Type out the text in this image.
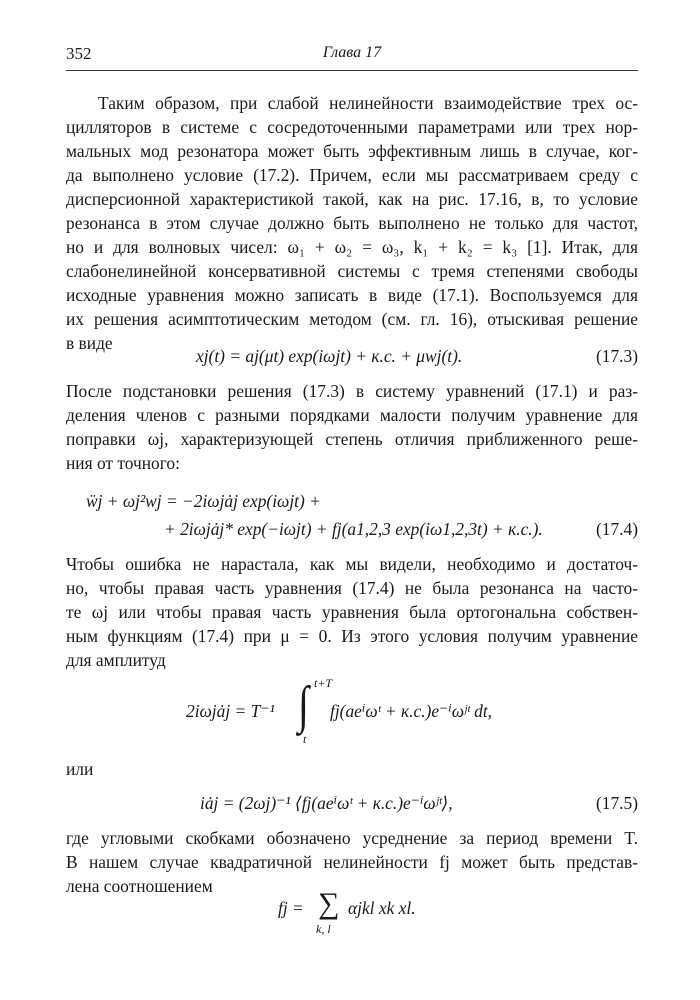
352	Глава 17
Таким образом, при слабой нелинейности взаимодействие трех ос-
цилляторов в системе с сосредоточенными параметрами или трех нор-
мальных мод резонатора может быть эффективным лишь в случае, ког-
да выполнено условие (17.2). Причем, если мы рассматриваем среду с
дисперсионной характеристикой такой, как на рис. 17.16, в, то условие
резонанса в этом случае должно быть выполнено не только для частот,
но и для волновых чисел: ω₁ + ω₂ = ω₃, k₁ + k₂ = k₃ [1]. Итак, для
слабонелинейной консервативной системы с тремя степенями свободы
исходные уравнения можно записать в виде (17.1). Воспользуемся для
их решения асимптотическим методом (см. гл. 16), отыскивая решение
в виде
xj(t) = aj(μt) exp(iωjt) + к.с. + μwj(t).	(17.3)
После подстановки решения (17.3) в систему уравнений (17.1) и раз-
деления членов с разными порядками малости получим уравнение для
поправки ωj, характеризующей степень отличия приближенного реше-
ния от точного:
ẅj + ωj²wj = −2iωjȧj exp(iωjt) +
+ 2iωjȧj* exp(−iωjt) + fj(a1,2,3 exp(iω1,2,3t) + к.с.).	(17.4)
Чтобы ошибка не нарастала, как мы видели, необходимо и достаточ-
но, чтобы правая часть уравнения (17.4) не была резонанса на часто-
те ωj или чтобы правая часть уравнения была ортогональна собствен-
ным функциям (17.4) при μ = 0. Из этого условия получим уравнение
для амплитуд
2iωjȧj = T⁻¹
t+T
∫
t
fj(aeⁱωᵗ + к.с.)e⁻ⁱωʲᵗ dt,
или
iȧj = (2ωj)⁻¹ ⟨fj(aeⁱωᵗ + к.с.)e⁻ⁱωʲᵗ⟩,	(17.5)
где угловыми скобками обозначено усреднение за период времени T.
В нашем случае квадратичной нелинейности fj может быть представ-
лена соотношением
fj = ∑
k, l
αjkl xk xl.
